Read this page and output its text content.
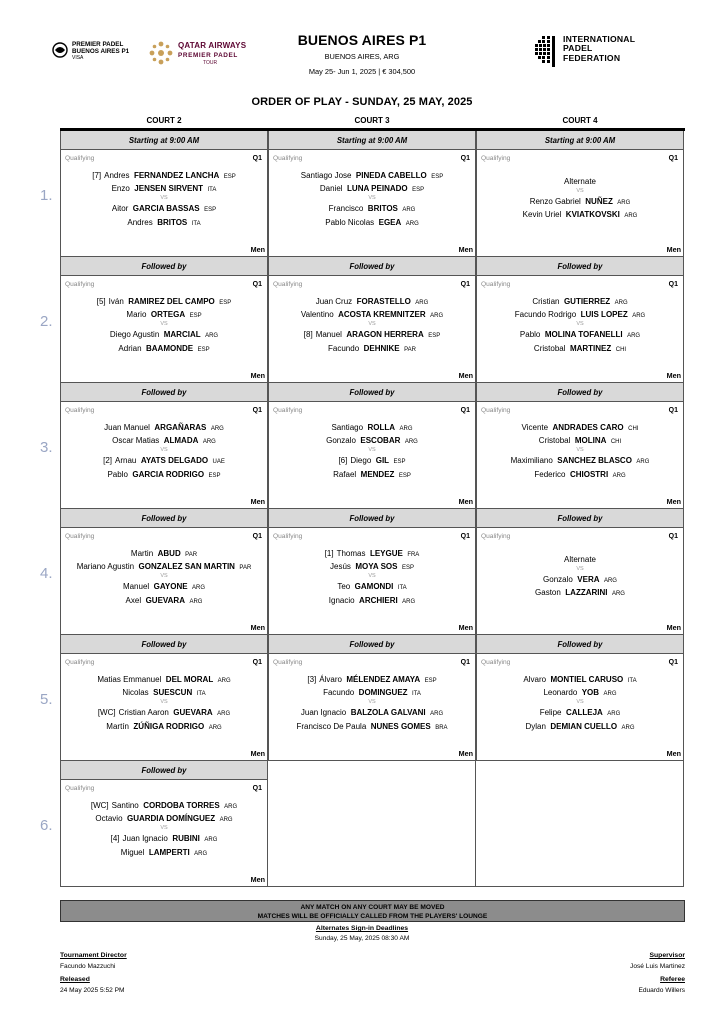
PREMIER PADEL
BUENOS AIRES P1
VISA
QATAR AIRWAYS
PREMIER PADEL
TOUR
BUENOS AIRES P1
BUENOS AIRES, ARG
May 25- Jun 1, 2025 | € 304,500
INTERNATIONAL
PADEL
FEDERATION
ORDER OF PLAY - SUNDAY, 25 MAY, 2025
COURT 2	COURT 3	COURT 4
1.
Starting at 9:00 AM
Qualifying	Q1
[7] Andres FERNANDEZ LANCHA ESP
Enzo JENSEN SIRVENT ITA
VS
Aitor GARCIA BASSAS ESP
Andres BRITOS ITA
Men
Starting at 9:00 AM
Qualifying	Q1
Santiago Jose PINEDA CABELLO ESP
Daniel LUNA PEINADO ESP
VS
Francisco BRITOS ARG
Pablo Nicolas EGEA ARG
Men
Starting at 9:00 AM
Qualifying	Q1
Alternate
VS
Renzo Gabriel NUÑEZ ARG
Kevin Uriel KVIATKOVSKI ARG
Men
2.
Followed by
Qualifying	Q1
[5] Iván RAMIREZ DEL CAMPO ESP
Mario ORTEGA ESP
VS
Diego Agustin MARCIAL ARG
Adrian BAAMONDE ESP
Men
Followed by
Qualifying	Q1
Juan Cruz FORASTELLO ARG
Valentino ACOSTA KREMNITZER ARG
VS
[8] Manuel ARAGON HERRERA ESP
Facundo DEHNIKE PAR
Men
Followed by
Qualifying	Q1
Cristian GUTIERREZ ARG
Facundo Rodrigo LUIS LOPEZ ARG
VS
Pablo MOLINA TOFANELLI ARG
Cristobal MARTINEZ CHI
Men
3.
Followed by
Qualifying	Q1
Juan Manuel ARGAÑARAS ARG
Oscar Matias ALMADA ARG
VS
[2] Arnau AYATS DELGADO UAE
Pablo GARCIA RODRIGO ESP
Men
Followed by
Qualifying	Q1
Santiago ROLLA ARG
Gonzalo ESCOBAR ARG
VS
[6] Diego GIL ESP
Rafael MENDEZ ESP
Men
Followed by
Qualifying	Q1
Vicente ANDRADES CARO CHI
Cristobal MOLINA CHI
VS
Maximiliano SANCHEZ BLASCO ARG
Federico CHIOSTRI ARG
Men
4.
Followed by
Qualifying	Q1
Martin ABUD PAR
Mariano Agustin GONZALEZ SAN MARTIN PAR
VS
Manuel GAYONE ARG
Axel GUEVARA ARG
Men
Followed by
Qualifying	Q1
[1] Thomas LEYGUE FRA
Jesús MOYA SOS ESP
VS
Teo GAMONDI ITA
Ignacio ARCHIERI ARG
Men
Followed by
Qualifying	Q1
Alternate
VS
Gonzalo VERA ARG
Gaston LAZZARINI ARG
Men
5.
Followed by
Qualifying	Q1
Matias Emmanuel DEL MORAL ARG
Nicolas SUESCUN ITA
VS
[WC] Cristian Aaron GUEVARA ARG
Martín ZÚÑIGA RODRIGO ARG
Men
Followed by
Qualifying	Q1
[3] Álvaro MÉLENDEZ AMAYA ESP
Facundo DOMINGUEZ ITA
VS
Juan Ignacio BALZOLA GALVANI ARG
Francisco De Paula NUNES GOMES BRA
Men
Followed by
Qualifying	Q1
Alvaro MONTIEL CARUSO ITA
Leonardo YOB ARG
VS
Felipe CALLEJA ARG
Dylan DEMIAN CUELLO ARG
Men
6.
Followed by
Qualifying	Q1
[WC] Santino CORDOBA TORRES ARG
Octavio GUARDIA DOMÍNGUEZ ARG
VS
[4] Juan Ignacio RUBINI ARG
Miguel LAMPERTI ARG
Men
ANY MATCH ON ANY COURT MAY BE MOVED
MATCHES WILL BE OFFICIALLY CALLED FROM THE PLAYERS' LOUNGE
Alternates Sign-in Deadlines
Sunday, 25 May, 2025 08:30 AM
Tournament Director
Facundo Mazzuchi
Released
24 May 2025 5:52 PM
Supervisor
José Luis Martinez
Referee
Eduardo Willers
